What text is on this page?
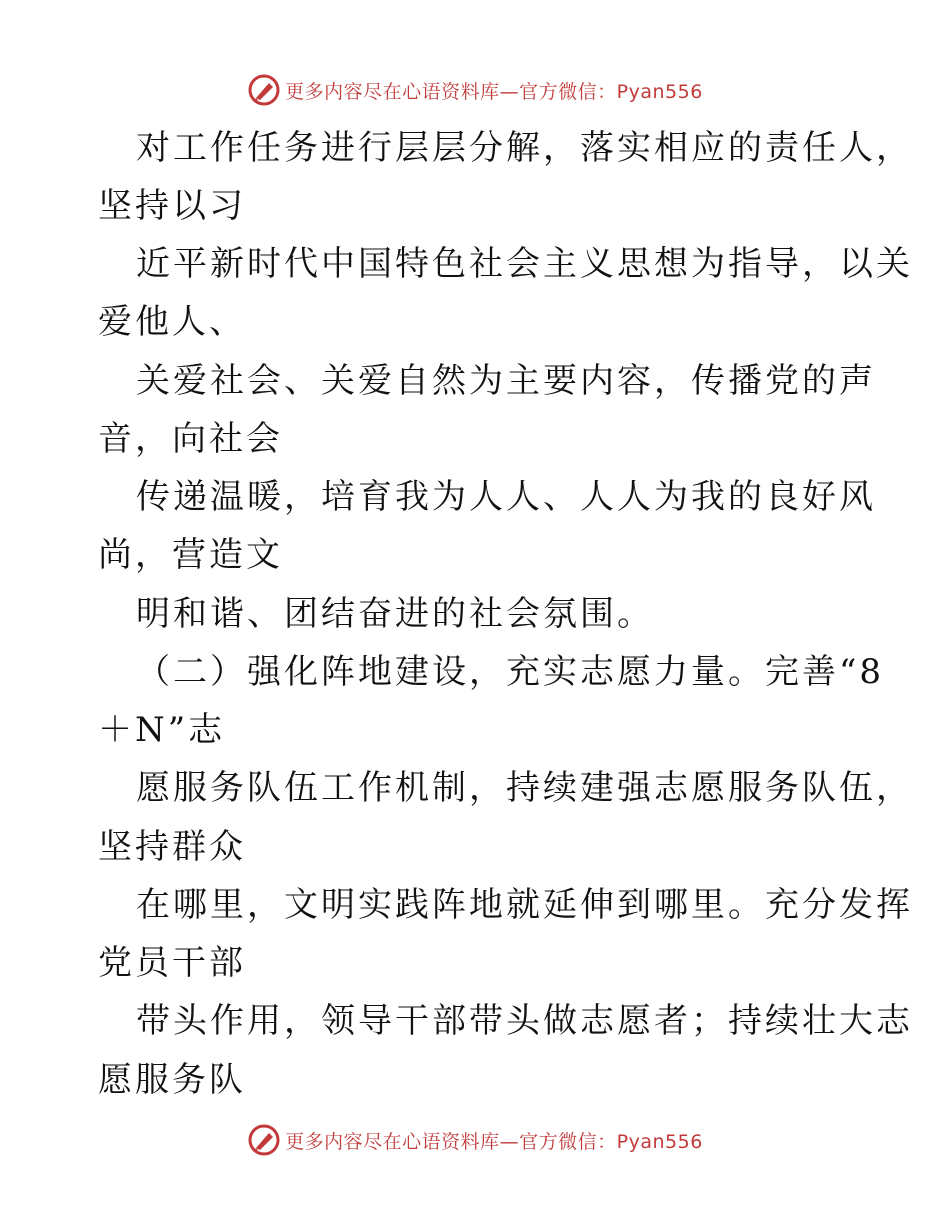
更多内容尽在心语资料库—官方微信：Pyan556
对工作任务进行层层分解，落实相应的责任人，
坚持以习
近平新时代中国特色社会主义思想为指导，以关
爱他人、
关爱社会、关爱自然为主要内容，传播党的声
音，向社会
传递温暖，培育我为人人、人人为我的良好风
尚，营造文
明和谐、团结奋进的社会氛围。
（二）强化阵地建设，充实志愿力量。完善“8
＋N”志
愿服务队伍工作机制，持续建强志愿服务队伍，
坚持群众
在哪里，文明实践阵地就延伸到哪里。充分发挥
党员干部
带头作用，领导干部带头做志愿者；持续壮大志
愿服务队
更多内容尽在心语资料库—官方微信：Pyan556
